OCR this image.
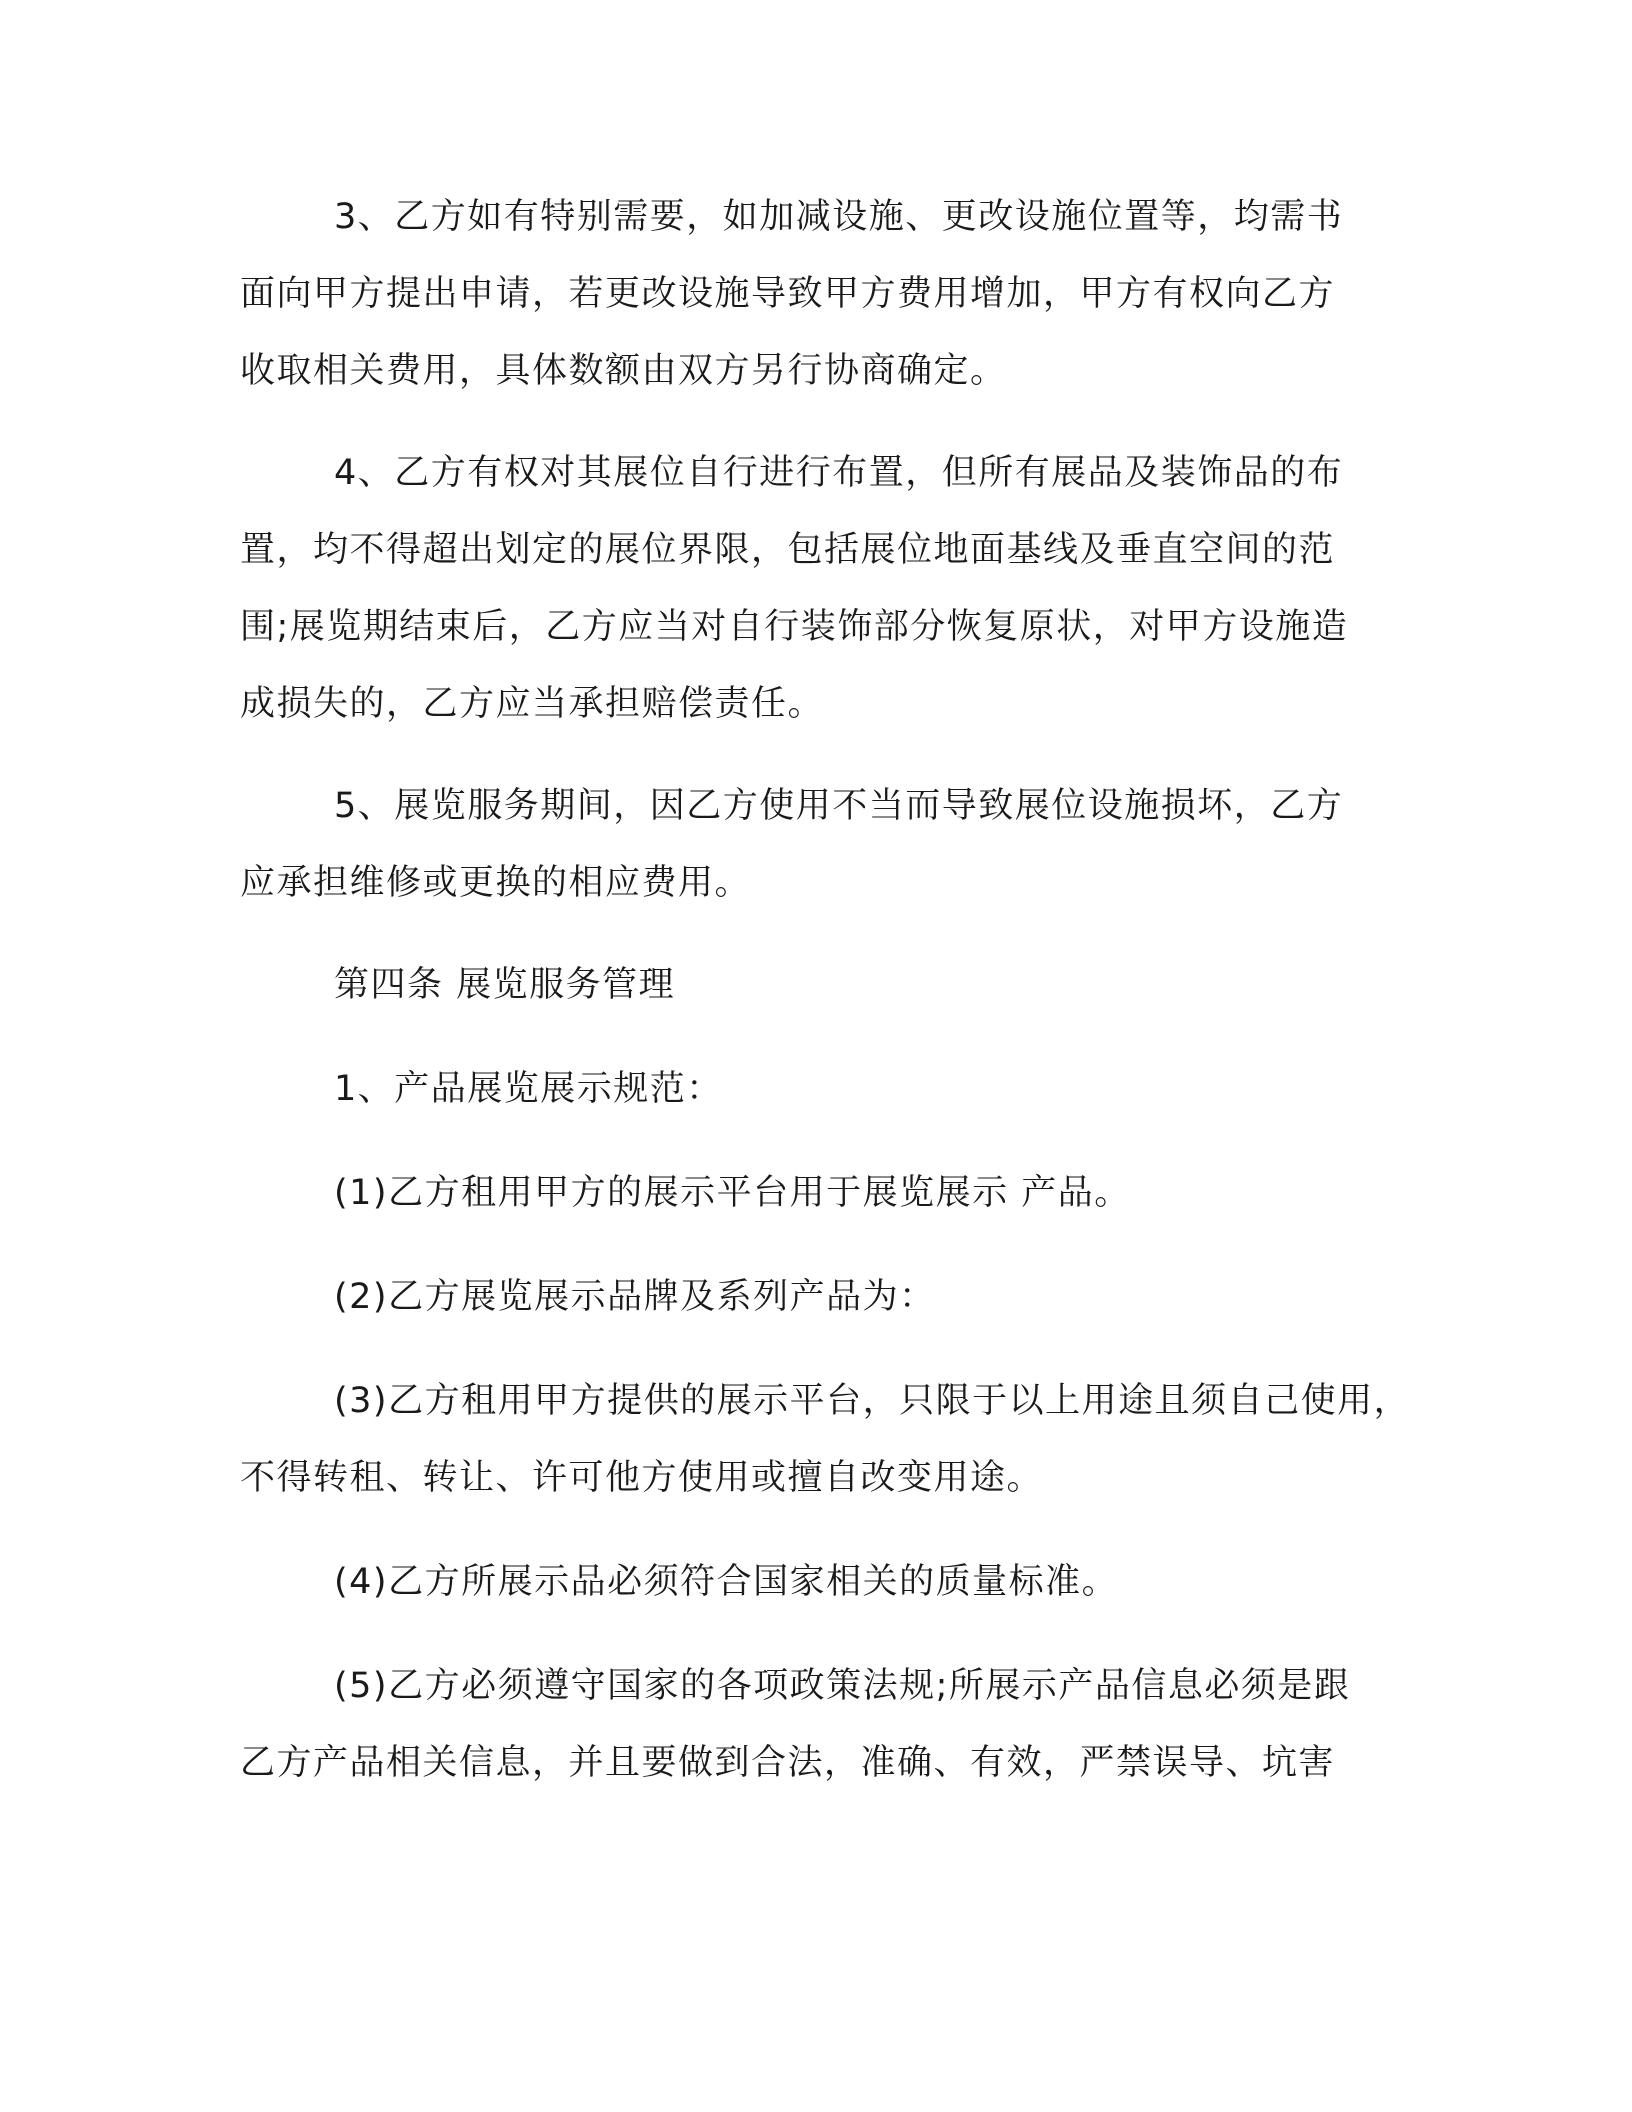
3、乙方如有特别需要，如加减设施、更改设施位置等，均需书
面向甲方提出申请，若更改设施导致甲方费用增加，甲方有权向乙方
收取相关费用，具体数额由双方另行协商确定。
4、乙方有权对其展位自行进行布置，但所有展品及装饰品的布
置，均不得超出划定的展位界限，包括展位地面基线及垂直空间的范
围;展览期结束后，乙方应当对自行装饰部分恢复原状，对甲方设施造
成损失的，乙方应当承担赔偿责任。
5、展览服务期间，因乙方使用不当而导致展位设施损坏，乙方
应承担维修或更换的相应费用。
第四条 展览服务管理
1、产品展览展示规范：
(1)乙方租用甲方的展示平台用于展览展示 产品。
(2)乙方展览展示品牌及系列产品为：
(3)乙方租用甲方提供的展示平台，只限于以上用途且须自己使用，
不得转租、转让、许可他方使用或擅自改变用途。
(4)乙方所展示品必须符合国家相关的质量标准。
(5)乙方必须遵守国家的各项政策法规;所展示产品信息必须是跟
乙方产品相关信息，并且要做到合法，准确、有效，严禁误导、坑害
